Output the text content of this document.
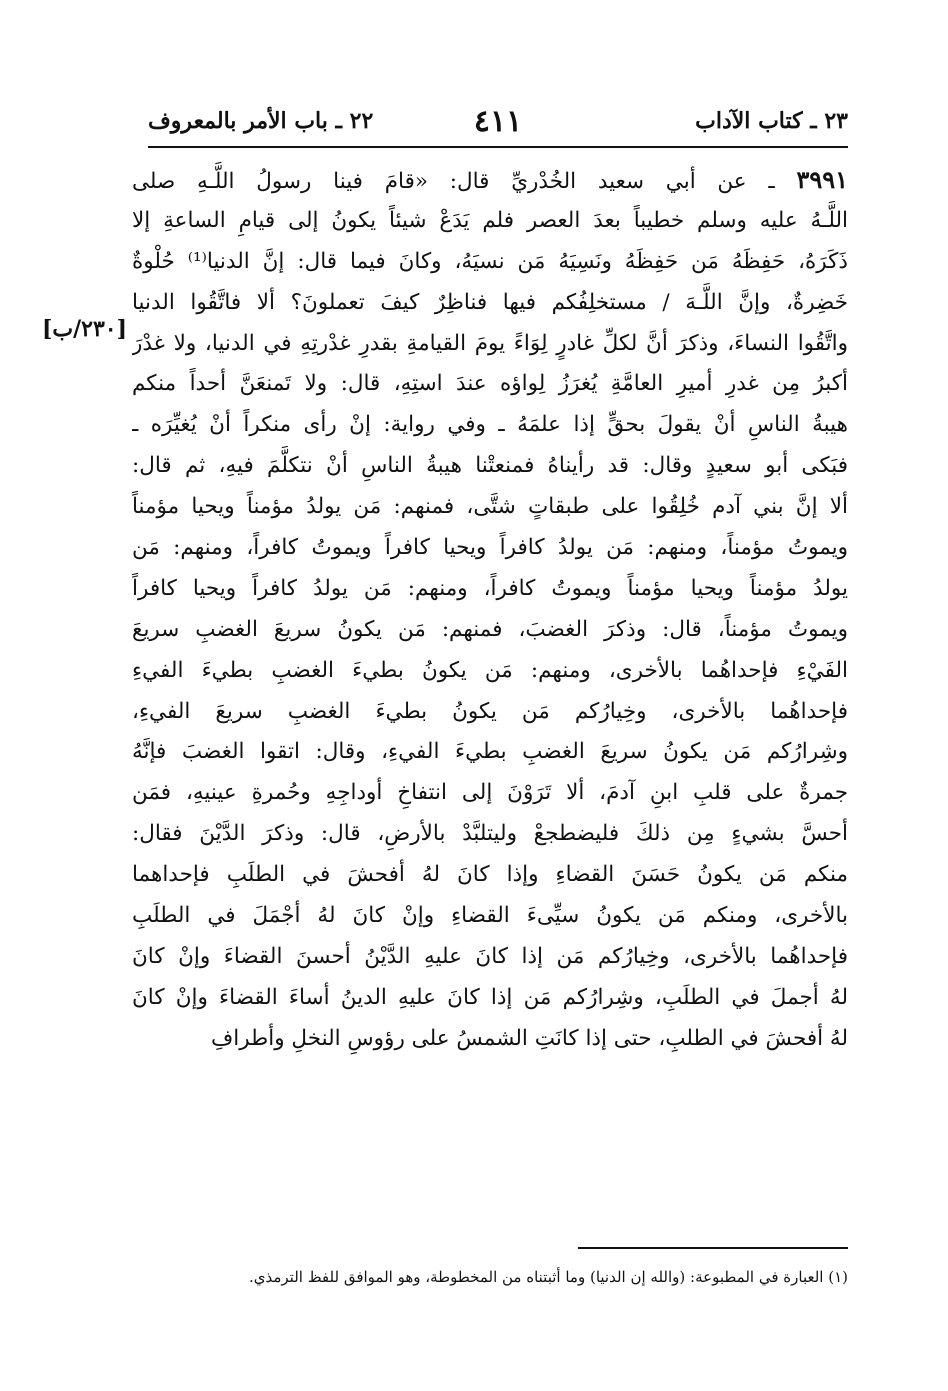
٢٢ ـ باب الأمر بالمعروف	٤١١	٢٣ ـ كتاب الآداب
[٢٣٠/ب]
٣٩٩١ ـ عن أبي سعيد الخُدْريِّ قال: «قامَ فينا رسولُ اللَّـهِ صلى
اللَّـهُ عليه وسلم خطيباً بعدَ العصر فلم يَدَعْ شيئاً يكونُ إلى قيامِ الساعةِ إلا
ذَكَرَهُ، حَفِظَهُ مَن حَفِظَهُ ونَسِيَهُ مَن نسيَهُ، وكانَ فيما قال: إنَّ الدنيا⁽¹⁾ حُلْوةٌ
خَضِرةٌ، وإنَّ اللَّـهَ / مستخلِفُكم فيها فناظِرٌ كيفَ تعملونَ؟ ألا فاتَّقُوا الدنيا
واتَّقُوا النساءَ، وذكرَ أنَّ لكلِّ غادرٍ لِوَاءً يومَ القيامةِ بقدرِ غدْرتِهِ في الدنيا، ولا غدْرَ
أكبرُ مِن غدرِ أميرِ العامَّةِ يُغرَزُ لِواؤه عندَ استِهِ، قال: ولا تَمنعَنَّ أحداً منكم
هيبةُ الناسِ أنْ يقولَ بحقٍّ إذا علمَهُ ـ وفي رواية: إنْ رأى منكراً أنْ يُغيِّرَه ـ
فبَكى أبو سعيدٍ وقال: قد رأيناهُ فمنعتْنا هيبةُ الناسِ أنْ نتكلَّمَ فيهِ، ثم قال:
ألا إنَّ بني آدم خُلِقُوا على طبقاتٍ شتَّى، فمنهم: مَن يولدُ مؤمناً ويحيا مؤمناً
ويموتُ مؤمناً، ومنهم: مَن يولدُ كافراً ويحيا كافراً ويموتُ كافراً، ومنهم: مَن
يولدُ مؤمناً ويحيا مؤمناً ويموتُ كافراً، ومنهم: مَن يولدُ كافراً ويحيا كافراً
ويموتُ مؤمناً، قال: وذكرَ الغضبَ، فمنهم: مَن يكونُ سريعَ الغضبِ سريعَ
الفَيْءِ فإحداهُما بالأخرى، ومنهم: مَن يكونُ بطيءَ الغضبِ بطيءَ الفيءِ
فإحداهُما بالأخرى، وخِيارُكم مَن يكونُ بطيءَ الغضبِ سريعَ الفيءِ،
وشِرارُكم مَن يكونُ سريعَ الغضبِ بطيءَ الفيءِ، وقال: اتقوا الغضبَ فإنَّهُ
جمرةٌ على قلبِ ابنِ آدمَ، ألا تَرَوْنَ إلى انتفاخِ أوداجِهِ وحُمرةِ عينيهِ، فمَن
أحسَّ بشيءٍ مِن ذلكَ فليضطجعْ وليتلبَّدْ بالأرضِ، قال: وذكرَ الدَّيْنَ فقال:
منكم مَن يكونُ حَسَنَ القضاءِ وإذا كانَ لهُ أفحشَ في الطلَبِ فإحداهما
بالأخرى، ومنكم مَن يكونُ سيِّىءَ القضاءِ وإنْ كانَ لهُ أجْمَلَ في الطلَبِ
فإحداهُما بالأخرى، وخِيارُكم مَن إذا كانَ عليهِ الدَّيْنُ أحسنَ القضاءَ وإنْ كانَ
لهُ أجملَ في الطلَبِ، وشِرارُكم مَن إذا كانَ عليهِ الدينُ أساءَ القضاءَ وإنْ كانَ
لهُ أفحشَ في الطلبِ، حتى إذا كانَتِ الشمسُ على رؤوسِ النخلِ وأطرافِ
(١) العبارة في المطبوعة: (والله إن الدنيا) وما أثبتناه من المخطوطة، وهو الموافق للفظ الترمذي.
